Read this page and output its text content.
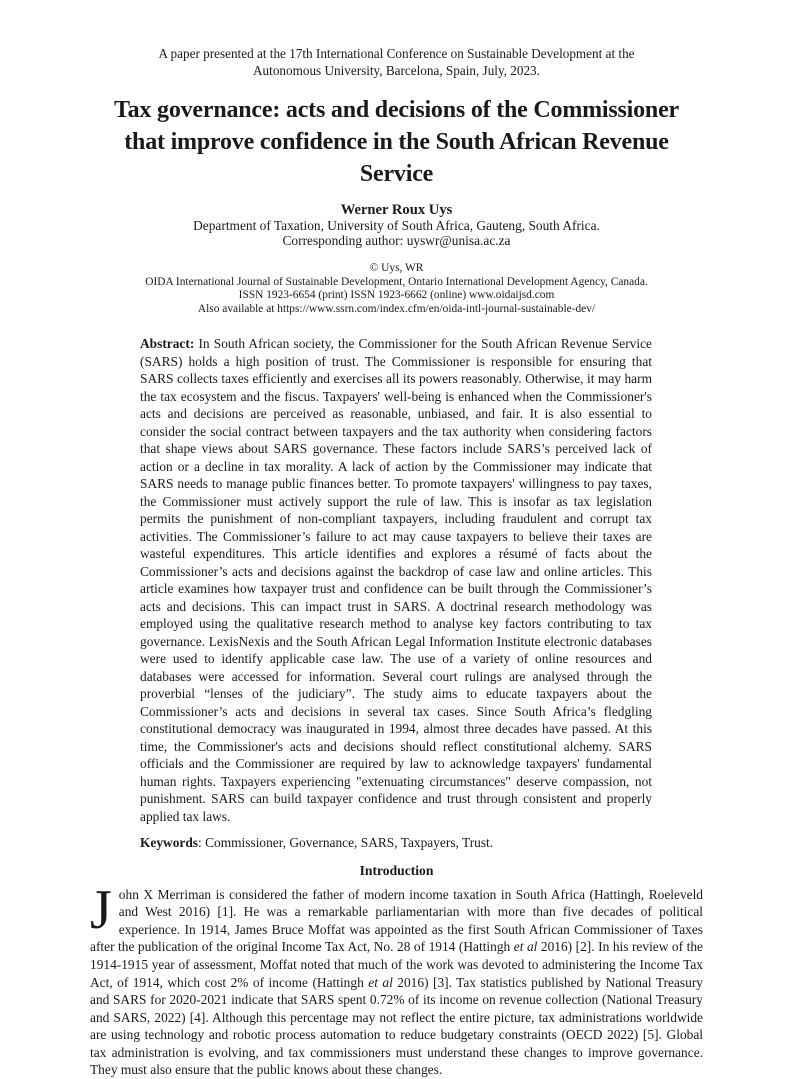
A paper presented at the 17th International Conference on Sustainable Development at the
Autonomous University, Barcelona, Spain, July, 2023.
Tax governance: acts and decisions of the Commissioner
that improve confidence in the South African Revenue
Service
Werner Roux Uys
Department of Taxation, University of South Africa, Gauteng, South Africa.
Corresponding author: uyswr@unisa.ac.za
© Uys, WR
OIDA International Journal of Sustainable Development, Ontario International Development Agency, Canada.
ISSN 1923-6654 (print) ISSN 1923-6662 (online) www.oidaijsd.com
Also available at https://www.ssrn.com/index.cfm/en/oida-intl-journal-sustainable-dev/

Abstract: In South African society, the Commissioner for the South African Revenue Service (SARS) holds a high position of trust. The Commissioner is responsible for ensuring that SARS collects taxes efficiently and exercises all its powers reasonably. Otherwise, it may harm the tax ecosystem and the fiscus. Taxpayers' well-being is enhanced when the Commissioner's acts and decisions are perceived as reasonable, unbiased, and fair. It is also essential to consider the social contract between taxpayers and the tax authority when considering factors that shape views about SARS governance. These factors include SARS’s perceived lack of action or a decline in tax morality. A lack of action by the Commissioner may indicate that SARS needs to manage public finances better. To promote taxpayers' willingness to pay taxes, the Commissioner must actively support the rule of law. This is insofar as tax legislation permits the punishment of non-compliant taxpayers, including fraudulent and corrupt tax activities. The Commissioner’s failure to act may cause taxpayers to believe their taxes are wasteful expenditures. This article identifies and explores a résumé of facts about the Commissioner’s acts and decisions against the backdrop of case law and online articles. This article examines how taxpayer trust and confidence can be built through the Commissioner’s acts and decisions. This can impact trust in SARS. A doctrinal research methodology was employed using the qualitative research method to analyse key factors contributing to tax governance. LexisNexis and the South African Legal Information Institute electronic databases were used to identify applicable case law. The use of a variety of online resources and databases were accessed for information. Several court rulings are analysed through the proverbial “lenses of the judiciary”. The study aims to educate taxpayers about the Commissioner’s acts and decisions in several tax cases. Since South Africa’s fledgling constitutional democracy was inaugurated in 1994, almost three decades have passed. At this time, the Commissioner's acts and decisions should reflect constitutional alchemy. SARS officials and the Commissioner are required by law to acknowledge taxpayers' fundamental human rights. Taxpayers experiencing "extenuating circumstances" deserve compassion, not punishment. SARS can build taxpayer confidence and trust through consistent and properly applied tax laws.

Keywords: Commissioner, Governance, SARS, Taxpayers, Trust.

Introduction

John X Merriman is considered the father of modern income taxation in South Africa (Hattingh, Roeleveld and West 2016) [1]. He was a remarkable parliamentarian with more than five decades of political experience. In 1914, James Bruce Moffat was appointed as the first South African Commissioner of Taxes after the publication of the original Income Tax Act, No. 28 of 1914 (Hattingh et al 2016) [2]. In his review of the 1914-1915 year of assessment, Moffat noted that much of the work was devoted to administering the Income Tax Act, of 1914, which cost 2% of income (Hattingh et al 2016) [3]. Tax statistics published by National Treasury and SARS for 2020-2021 indicate that SARS spent 0.72% of its income on revenue collection (National Treasury and SARS, 2022) [4]. Although this percentage may not reflect the entire picture, tax administrations worldwide are using technology and robotic process automation to reduce budgetary constraints (OECD 2022) [5]. Global tax administration is evolving, and tax commissioners must understand these changes to improve governance. They must also ensure that the public knows about these changes.
